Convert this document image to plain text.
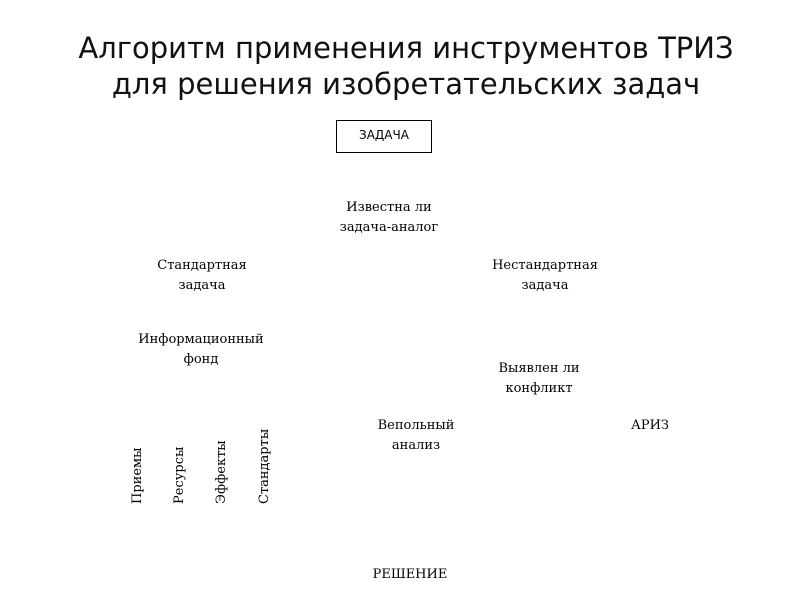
Алгоритм применения инструментов ТРИЗ
для решения изобретательских задач
ЗАДАЧА
Известна ли
задача-аналог
Стандартная
задача
Нестандартная
задача
Информационный
фонд
Выявлен ли
конфликт
Вепольный
анализ
АРИЗ
Приемы Ресурсы Эффекты Стандарты
РЕШЕНИЕ
